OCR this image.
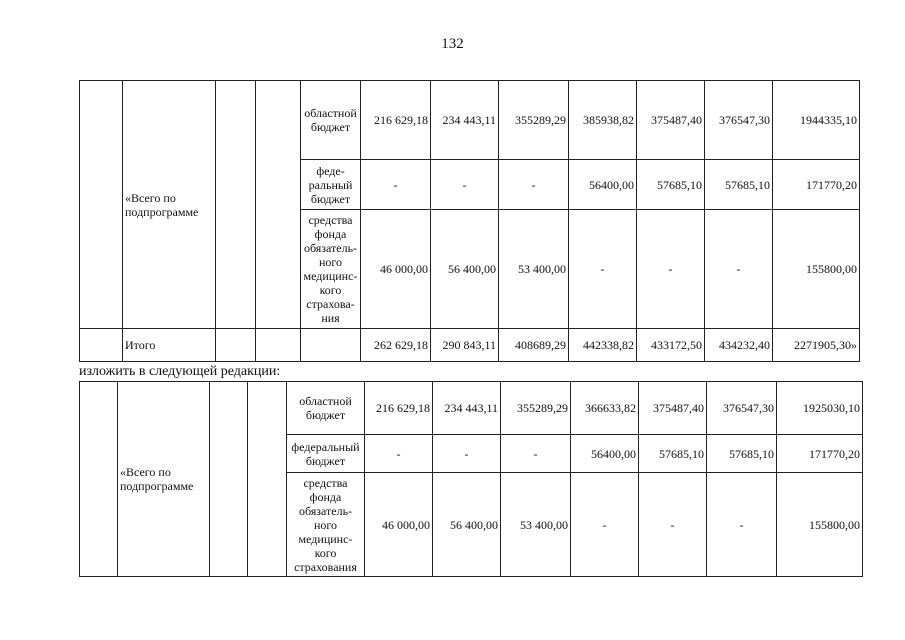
132
	«Всего по подпрограмме			областной бюджет	216 629,18	234 443,11	355289,29	385938,82	375487,40	376547,30	1944335,10
				феде-ральный бюджет	-	-	-	56400,00	57685,10	57685,10	171770,20
				средства фонда обязатель-ного медицинс-кого страхова-ния	46 000,00	56 400,00	53 400,00	-	-	-	155800,00
	Итого				262 629,18	290 843,11	408689,29	442338,82	433172,50	434232,40	2271905,30»
изложить в следующей редакции:
	«Всего по подпрограмме			областной бюджет	216 629,18	234 443,11	355289,29	366633,82	375487,40	376547,30	1925030,10
				федеральный бюджет	-	-	-	56400,00	57685,10	57685,10	171770,20
				средства фонда обязатель-ного медицинс-кого страхования	46 000,00	56 400,00	53 400,00	-	-	-	155800,00
